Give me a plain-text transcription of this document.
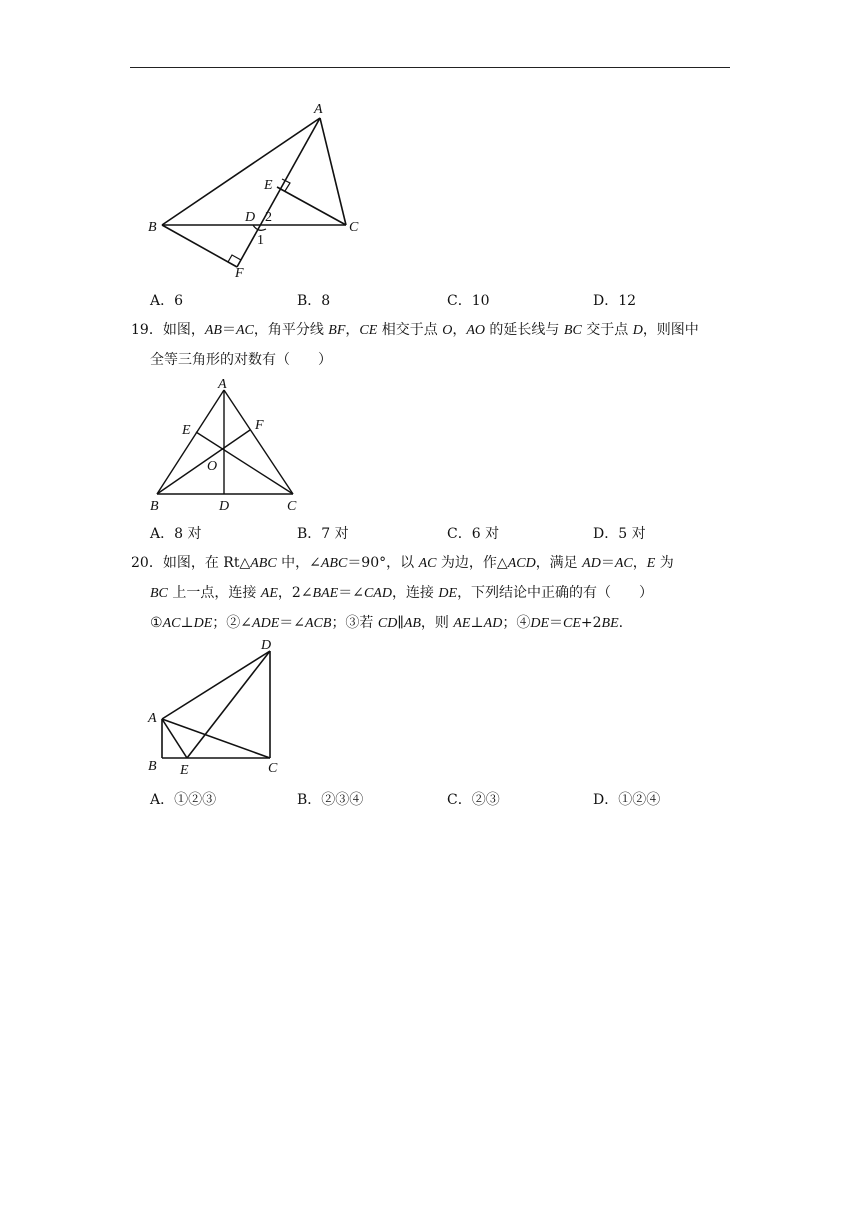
A
B	C
D
E
F
1
2
A．6	B．8	C．10	D．12
19．如图，AB＝AC，角平分线 BF，CE 相交于点 O，AO 的延长线与 BC 交于点 D，则图中
全等三角形的对数有（　　）
A
B	C
D
E	F
O
A．8 对	B．7 对	C．6 对	D．5 对
20．如图，在 Rt△ABC 中，∠ABC＝90°，以 AC 为边，作△ACD，满足 AD＝AC，E 为
BC 上一点，连接 AE，2∠BAE＝∠CAD，连接 DE，下列结论中正确的有（　　）
①AC⊥DE；②∠ADE＝∠ACB；③若 CD∥AB，则 AE⊥AD；④DE＝CE+2BE.
A
B	C
D
E
A．①②③	B．②③④	C．②③	D．①②④
